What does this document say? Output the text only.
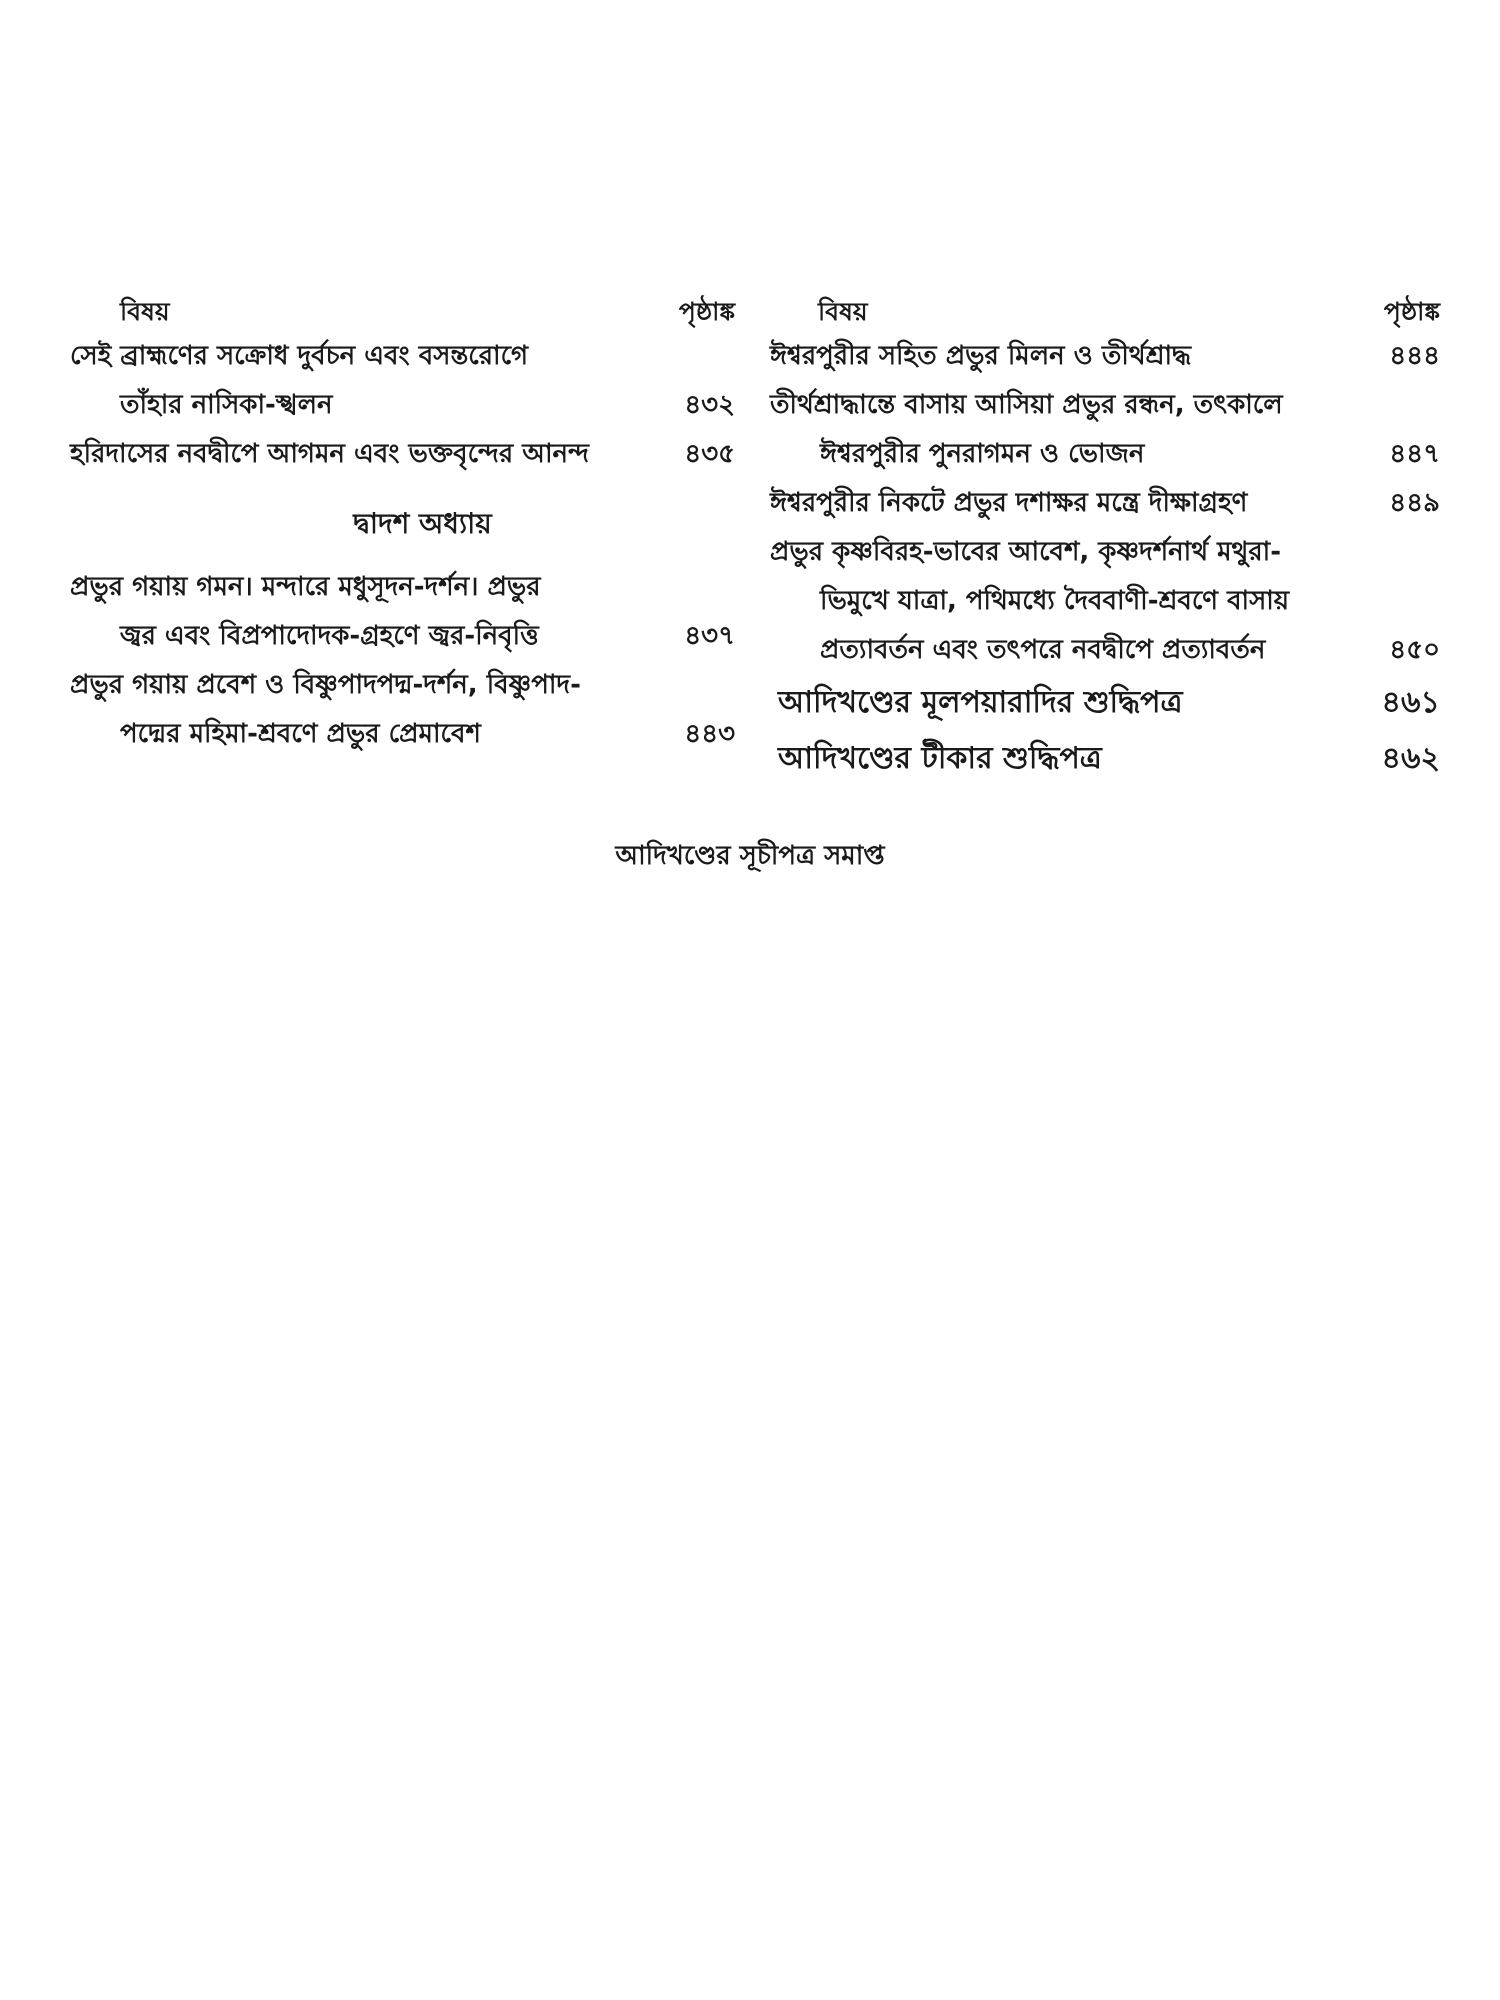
বিষয়	পৃষ্ঠাঙ্ক
সেই ব্রাহ্মণের সক্রোধ দুর্বচন এবং বসন্তরোগে
তাঁহার নাসিকা-স্খলন	৪৩২
হরিদাসের নবদ্বীপে আগমন এবং ভক্তবৃন্দের আনন্দ	৪৩৫
দ্বাদশ অধ্যায়
প্রভুর গয়ায় গমন। মন্দারে মধুসূদন-দর্শন। প্রভুর
জ্বর এবং বিপ্রপাদোদক-গ্রহণে জ্বর-নিবৃত্তি	৪৩৭
প্রভুর গয়ায় প্রবেশ ও বিষ্ণুপাদপদ্ম-দর্শন, বিষ্ণুপাদ-
পদ্মের মহিমা-শ্রবণে প্রভুর প্রেমাবেশ	৪৪৩
বিষয়	পৃষ্ঠাঙ্ক
ঈশ্বরপুরীর সহিত প্রভুর মিলন ও তীর্থশ্রাদ্ধ	৪৪৪
তীর্থশ্রাদ্ধান্তে বাসায় আসিয়া প্রভুর রন্ধন, তৎকালে
ঈশ্বরপুরীর পুনরাগমন ও ভোজন	৪৪৭
ঈশ্বরপুরীর নিকটে প্রভুর দশাক্ষর মন্ত্রে দীক্ষাগ্রহণ	৪৪৯
প্রভুর কৃষ্ণবিরহ-ভাবের আবেশ, কৃষ্ণদর্শনার্থ মথুরা-
ভিমুখে যাত্রা, পথিমধ্যে দৈববাণী-শ্রবণে বাসায়
প্রত্যাবর্তন এবং তৎপরে নবদ্বীপে প্রত্যাবর্তন	৪৫০
আদিখণ্ডের মূলপয়ারাদির শুদ্ধিপত্র	৪৬১
আদিখণ্ডের টীকার শুদ্ধিপত্র	৪৬২
আদিখণ্ডের সূচীপত্র সমাপ্ত
